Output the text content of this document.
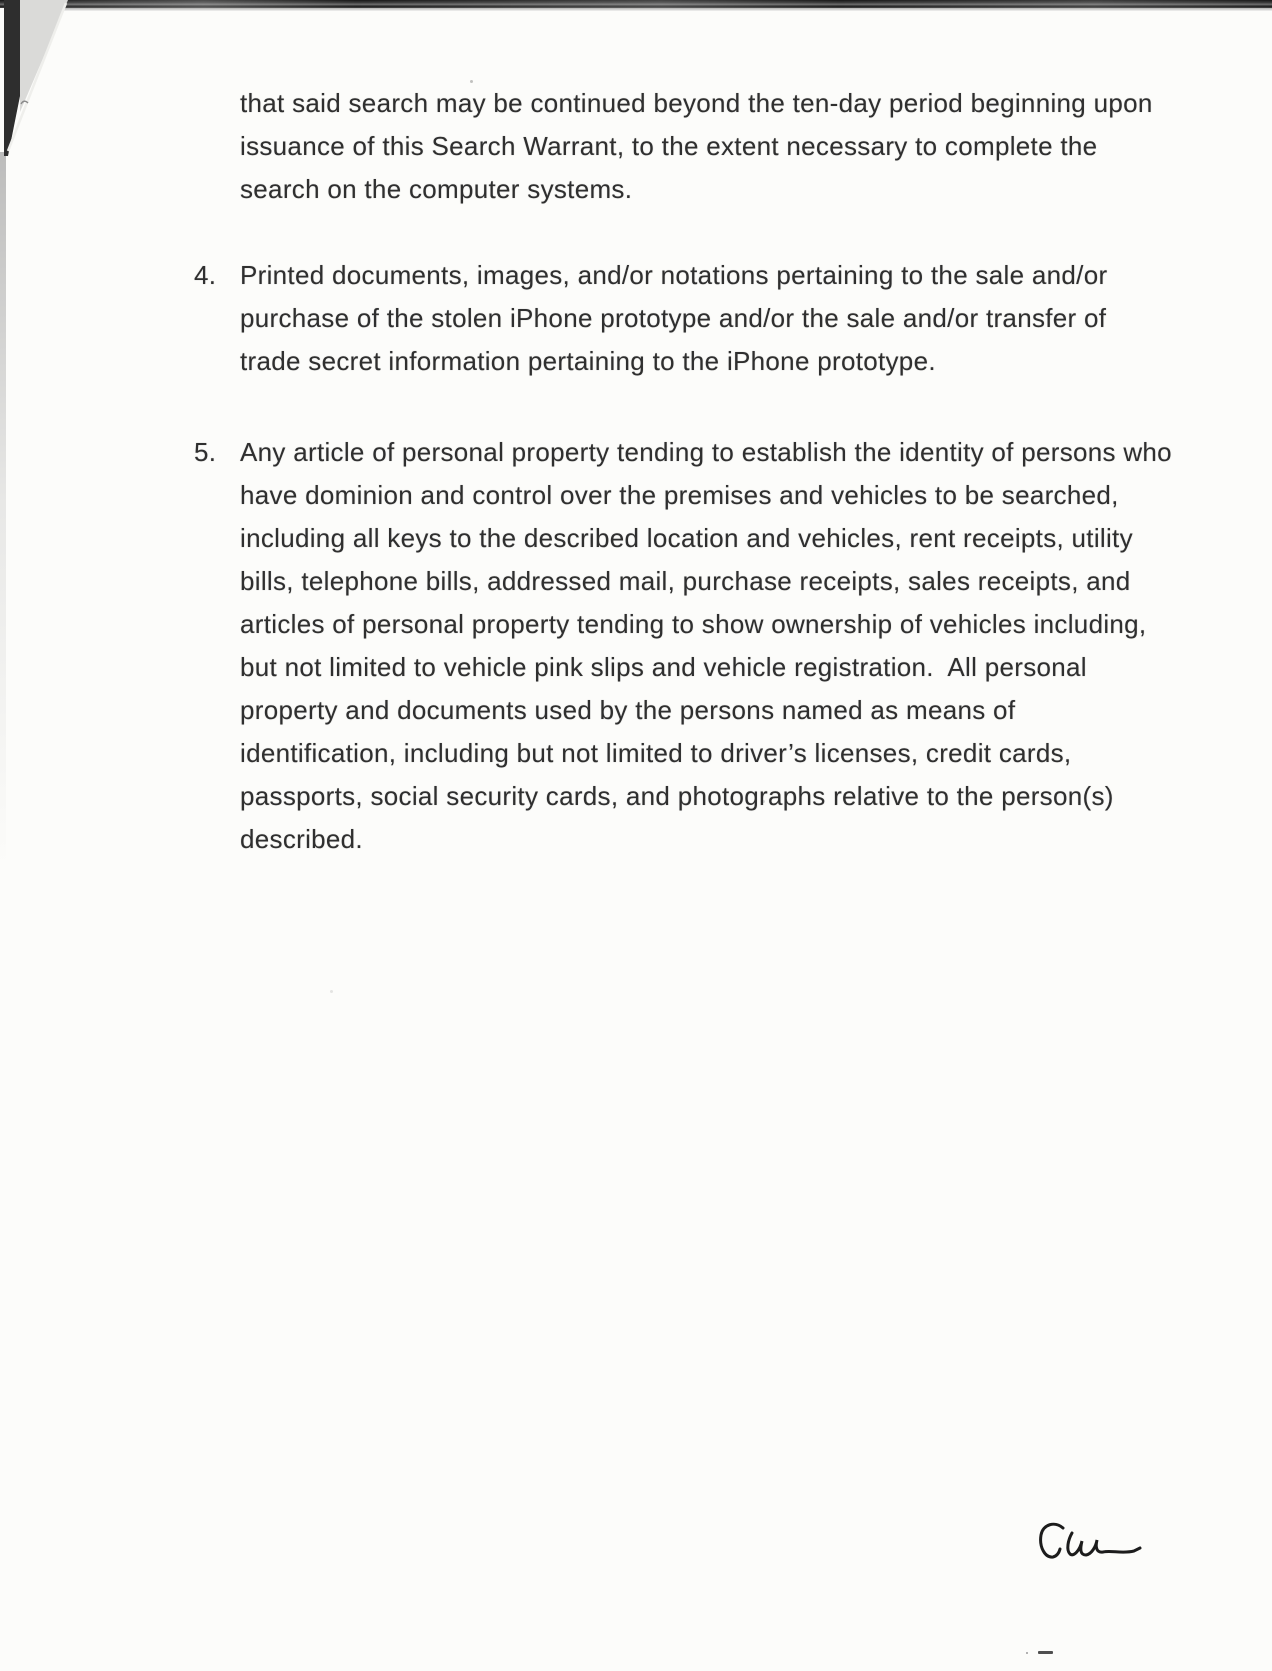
that said search may be continued beyond the ten-day period beginning upon
issuance of this Search Warrant, to the extent necessary to complete the
search on the computer systems.
4. Printed documents, images, and/or notations pertaining to the sale and/or
purchase of the stolen iPhone prototype and/or the sale and/or transfer of
trade secret information pertaining to the iPhone prototype.
5. Any article of personal property tending to establish the identity of persons who
have dominion and control over the premises and vehicles to be searched,
including all keys to the described location and vehicles, rent receipts, utility
bills, telephone bills, addressed mail, purchase receipts, sales receipts, and
articles of personal property tending to show ownership of vehicles including,
but not limited to vehicle pink slips and vehicle registration.  All personal
property and documents used by the persons named as means of
identification, including but not limited to driver’s licenses, credit cards,
passports, social security cards, and photographs relative to the person(s)
described.
